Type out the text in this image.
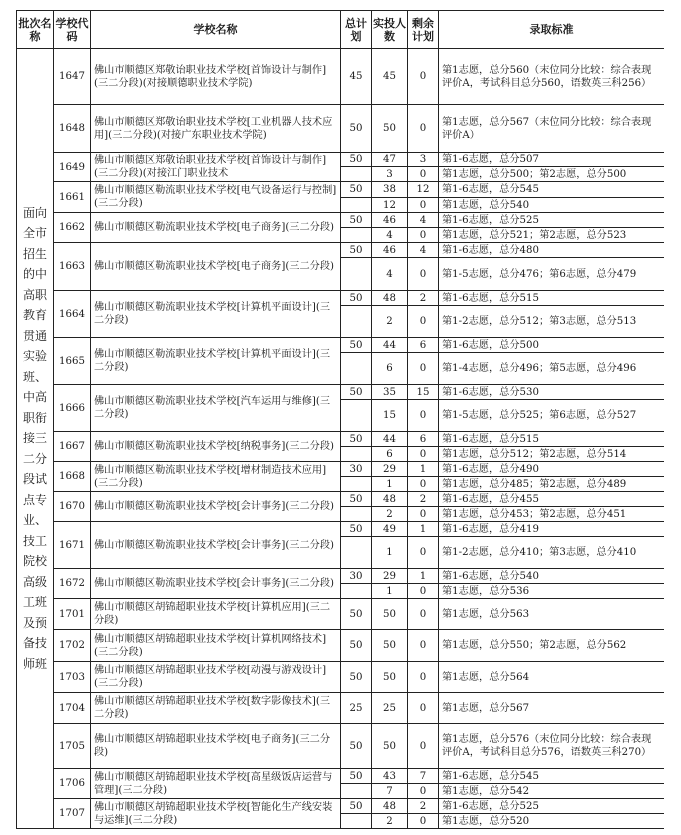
批次名称	学校代码	学校名称	总计划	实投人数	剩余计划	录取标准
面向全市招生的中高职教育贯通实验班、中高职衔接三二分段试点专业、技工院校高级工班及预备技师班	1647	佛山市顺德区郑敬诒职业技术学校[首饰设计与制作](三二分段)(对接顺德职业技术学院)	45	45	0	第1志愿，总分560（末位同分比较：综合表现评价A，考试科目总分560，语数英三科256）
	1648	佛山市顺德区郑敬诒职业技术学校[工业机器人技术应用](三二分段)(对接广东职业技术学院)	50	50	0	第1志愿，总分567（末位同分比较：综合表现评价A）
	1649	佛山市顺德区郑敬诒职业技术学校[首饰设计与制作](三二分段)(对接江门职业技术	50	47	3	第1-6志愿，总分507
				3	0	第1志愿，总分500；第2志愿，总分500
	1661	佛山市顺德区勒流职业技术学校[电气设备运行与控制](三二分段)	50	38	12	第1-6志愿，总分545
				12	0	第1志愿，总分540
	1662	佛山市顺德区勒流职业技术学校[电子商务](三二分段)	50	46	4	第1-6志愿，总分525
				4	0	第1志愿，总分521；第2志愿，总分523
	1663	佛山市顺德区勒流职业技术学校[电子商务](三二分段)	50	46	4	第1-6志愿，总分480
				4	0	第1-5志愿，总分476；第6志愿，总分479
	1664	佛山市顺德区勒流职业技术学校[计算机平面设计](三二分段)	50	48	2	第1-6志愿，总分515
				2	0	第1-2志愿，总分512；第3志愿，总分513
	1665	佛山市顺德区勒流职业技术学校[计算机平面设计](三二分段)	50	44	6	第1-6志愿，总分500
				6	0	第1-4志愿，总分496；第5志愿，总分496
	1666	佛山市顺德区勒流职业技术学校[汽车运用与维修](三二分段)	50	35	15	第1-6志愿，总分530
				15	0	第1-5志愿，总分525；第6志愿，总分527
	1667	佛山市顺德区勒流职业技术学校[纳税事务](三二分段)	50	44	6	第1-6志愿，总分515
				6	0	第1志愿，总分512；第2志愿，总分514
	1668	佛山市顺德区勒流职业技术学校[增材制造技术应用](三二分段)	30	29	1	第1-6志愿，总分490
				1	0	第1志愿，总分485；第2志愿，总分489
	1670	佛山市顺德区勒流职业技术学校[会计事务](三二分段)	50	48	2	第1-6志愿，总分455
				2	0	第1志愿，总分453；第2志愿，总分451
	1671	佛山市顺德区勒流职业技术学校[会计事务](三二分段)	50	49	1	第1-6志愿，总分419
				1	0	第1-2志愿，总分410；第3志愿，总分410
	1672	佛山市顺德区勒流职业技术学校[会计事务](三二分段)	30	29	1	第1-6志愿，总分540
				1	0	第1志愿，总分536
	1701	佛山市顺德区胡锦超职业技术学校[计算机应用](三二分段)	50	50	0	第1志愿，总分563
	1702	佛山市顺德区胡锦超职业技术学校[计算机网络技术](三二分段)	50	50	0	第1志愿，总分550；第2志愿，总分562
	1703	佛山市顺德区胡锦超职业技术学校[动漫与游戏设计](三二分段)	50	50	0	第1志愿，总分564
	1704	佛山市顺德区胡锦超职业技术学校[数字影像技术](三二分段)	25	25	0	第1志愿，总分567
	1705	佛山市顺德区胡锦超职业技术学校[电子商务](三二分段)	50	50	0	第1志愿，总分576（末位同分比较：综合表现评价A，考试科目总分576，语数英三科270）
	1706	佛山市顺德区胡锦超职业技术学校[高星级饭店运营与管理](三二分段)	50	43	7	第1-6志愿，总分545
				7	0	第1志愿，总分542
	1707	佛山市顺德区胡锦超职业技术学校[智能化生产线安装与运维](三二分段)	50	48	2	第1-6志愿，总分525
				2	0	第1志愿，总分520
